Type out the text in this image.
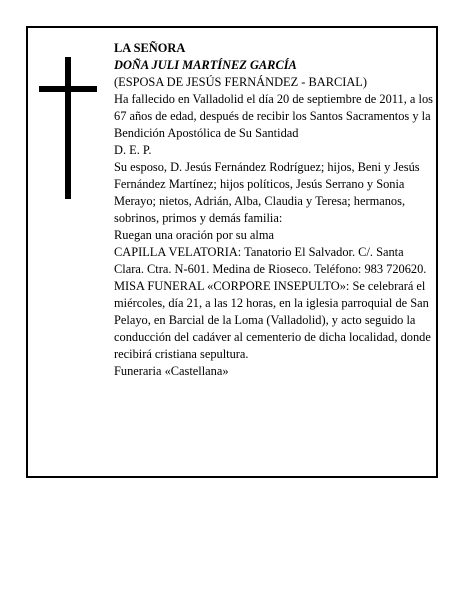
LA SEÑORA

DOÑA JULI MARTÍNEZ GARCÍA

(ESPOSA DE JESÚS FERNÁNDEZ - BARCIAL)

Ha fallecido en Valladolid el día 20 de septiembre de 2011, a los 67 años de edad, después de recibir los Santos Sacramentos y la Bendición Apostólica de Su Santidad

D. E. P.

Su esposo, D. Jesús Fernández Rodríguez; hijos, Beni y Jesús Fernández Martínez; hijos políticos, Jesús Serrano y Sonia Merayo; nietos, Adrián, Alba, Claudia y Teresa; hermanos, sobrinos, primos y demás familia:

Ruegan una oración por su alma

CAPILLA VELATORIA: Tanatorio El Salvador. C/. Santa Clara. Ctra. N-601. Medina de Rioseco. Teléfono: 983 720620.

MISA FUNERAL «CORPORE INSEPULTO»: Se celebrará el miércoles, día 21, a las 12 horas, en la iglesia parroquial de San Pelayo, en Barcial de la Loma (Valladolid), y acto seguido la conducción del cadáver al cementerio de dicha localidad, donde recibirá cristiana sepultura.

Funeraria «Castellana»
